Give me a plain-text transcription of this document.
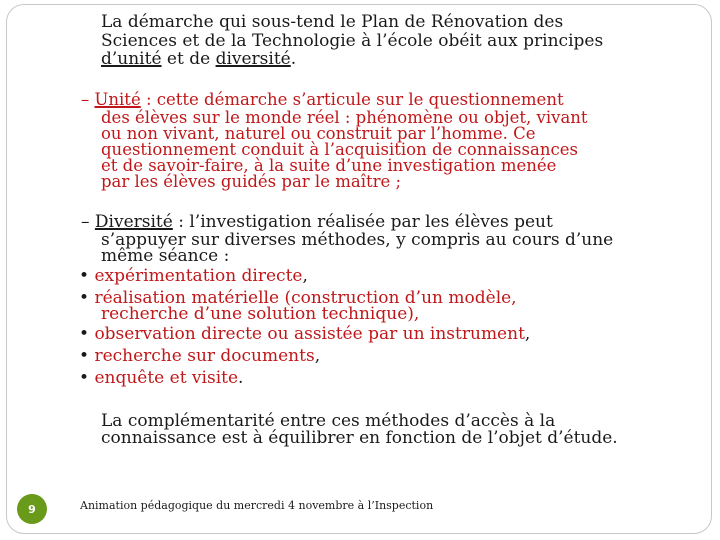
La démarche qui sous-tend le Plan de Rénovation des
Sciences et de la Technologie à l’école obéit aux principes
d’unité et de diversité.
– Unité : cette démarche s’articule sur le questionnement
des élèves sur le monde réel : phénomène ou objet, vivant
ou non vivant, naturel ou construit par l’homme. Ce
questionnement conduit à l’acquisition de connaissances
et de savoir-faire, à la suite d’une investigation menée
par les élèves guidés par le maître ;
– Diversité : l’investigation réalisée par les élèves peut
s’appuyer sur diverses méthodes, y compris au cours d’une
même séance :
• expérimentation directe,
• réalisation matérielle (construction d’un modèle,
recherche d’une solution technique),
• observation directe ou assistée par un instrument,
• recherche sur documents,
• enquête et visite.
La complémentarité entre ces méthodes d’accès à la
connaissance est à équilibrer en fonction de l’objet d’étude.
9	Animation pédagogique du mercredi 4 novembre à l’Inspection
